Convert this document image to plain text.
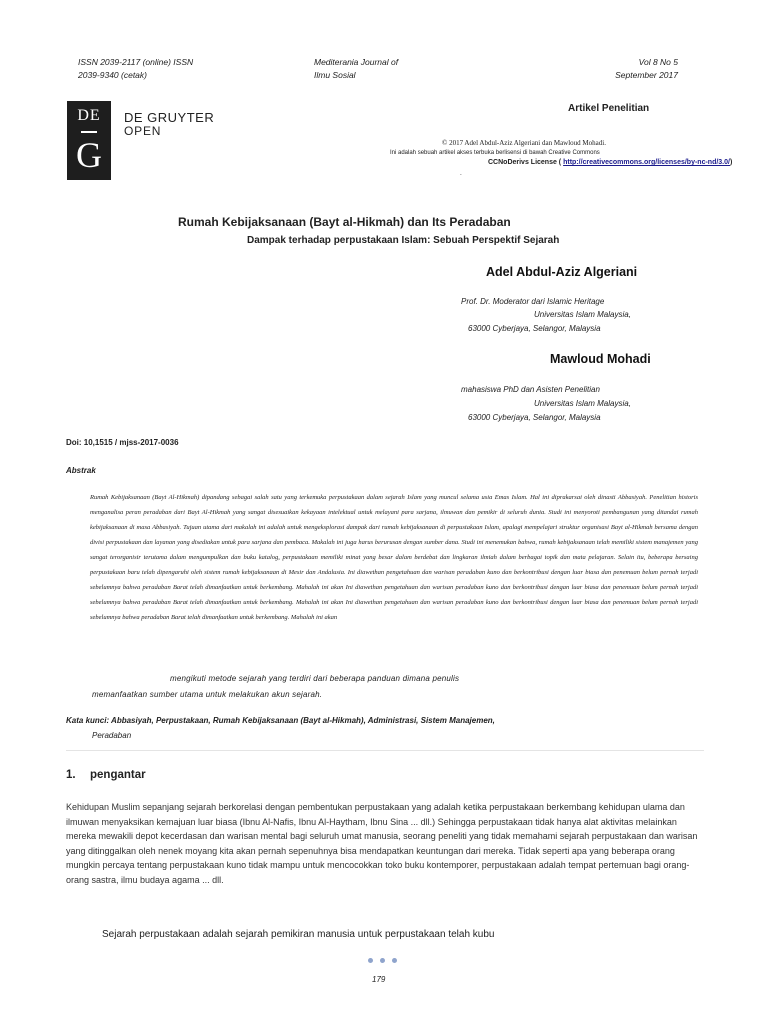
ISSN 2039-2117 (online) ISSN
2039-9340 (cetak)
Mediterania Journal of
Ilmu Sosial
Vol 8 No 5
September 2017
DE
G
DE GRUYTER
OPEN
Artikel Penelitian
© 2017 Adel Abdul-Aziz Algeriani dan Mawloud Mohadi.
Ini adalah sebuah artikel akses terbuka berlisensi di bawah Creative Commons
CCNoDerivs License ( http://creativecommons.org/licenses/by-nc-nd/3.0/)
.
Rumah Kebijaksanaan (Bayt al-Hikmah) dan Its Peradaban
Dampak terhadap perpustakaan Islam: Sebuah Perspektif Sejarah
Adel Abdul-Aziz Algeriani
Prof. Dr. Moderator dari Islamic Heritage
Universitas Islam Malaysia,
63000 Cyberjaya, Selangor, Malaysia
Mawloud Mohadi
mahasiswa PhD dan Asisten Penelitian
Universitas Islam Malaysia,
63000 Cyberjaya, Selangor, Malaysia
Doi: 10,1515 / mjss-2017-0036
Abstrak

Rumah Kebijaksanaan (Bayt Al-Hikmah) dipandang sebagai salah satu yang terkemuka perpustakaan dalam sejarah Islam yang muncul selama usia Emas Islam. Hal ini diprakarsai oleh dinasti Abbasiyah. Penelitian historis menganalisa peran peradaban dari Bayt Al-Hikmah yang sangat disesuaikan kekayaan intelektual untuk melayani para sarjana, ilmuwan dan pemikir di seluruh dunia. Studi ini menyoroti pembangunan yang ditandai rumah kebijaksanaan di masa Abbasiyah. Tujuan utama dari makalah ini adalah untuk mengeksplorasi dampak dari rumah kebijaksanaan di perpustakaan Islam, apalagi mempelajari struktur organisasi Bayt al-Hikmah bersama dengan divisi perpustakaan dan layanan yang disediakan untuk para sarjana dan pembaca. Makalah ini juga harus berurusan dengan sumber dana. Studi ini menemukan bahwa, rumah kebijaksanaan telah memiliki sistem manajemen yang sangat terorganisir terutama dalam mengumpulkan dan buku katalog, perpustakaan memiliki minat yang besar dalam berdebat dan lingkaran ilmiah dalam berbagai topik dan mata pelajaran. Selain itu, beberapa bersaing perpustakaan baru telah dipengaruhi oleh sistem rumah kebijaksanaan di Mesir dan Andalusia. Ini diawethan pengetahuan dan warisan peradaban kuno dan berkontribusi dengan luar biasa dan penemuan belum pernah terjadi sebelumnya bahwa peradaban Barat telah dimanfaatkan untuk berkembang. Mahalah ini akan Ini diawethan pengetahuan dan warisan peradaban kuno dan berkontribusi dengan luar biasa dan penemuan belum pernah terjadi sebelumnya bahwa peradaban Barat telah dimanfaatkan untuk berkembang. Mahalah ini akan Ini diawethan pengetahuan dan warisan peradaban kuno dan berkontribusi dengan luar biasa dan penemuan belum pernah terjadi sebelumnya bahwa peradaban Barat telah dimanfaatkan untuk berkembang. Mahalah ini akan

mengikuti metode sejarah yang terdiri dari beberapa panduan dimana penulis
memanfaatkan sumber utama untuk melakukan akun sejarah.
Kata kunci: Abbasiyah, Perpustakaan, Rumah Kebijaksanaan (Bayt al-Hikmah), Administrasi, Sistem Manajemen,
Peradaban
1. pengantar

Kehidupan Muslim sepanjang sejarah berkorelasi dengan pembentukan perpustakaan yang adalah ketika perpustakaan berkembang kehidupan ulama dan ilmuwan menyaksikan kemajuan luar biasa (Ibnu Al-Nafis, Ibnu Al-Haytham, Ibnu Sina ... dll.) Sehingga perpustakaan tidak hanya alat aktivitas melainkan mereka mewakili depot kecerdasan dan warisan mental bagi seluruh umat manusia, seorang peneliti yang tidak memahami sejarah perpustakaan dan warisan yang ditinggalkan oleh nenek moyang kita akan pernah sepenuhnya bisa mendapatkan keuntungan dari mereka. Tidak seperti apa yang beberapa orang mungkin percaya tentang perpustakaan kuno tidak mampu untuk mencocokkan toko buku kontemporer, perpustakaan adalah tempat pertemuan bagi orang-orang sastra, ilmu budaya agama ... dll.

Sejarah perpustakaan adalah sejarah pemikiran manusia untuk perpustakaan telah kubu
179
